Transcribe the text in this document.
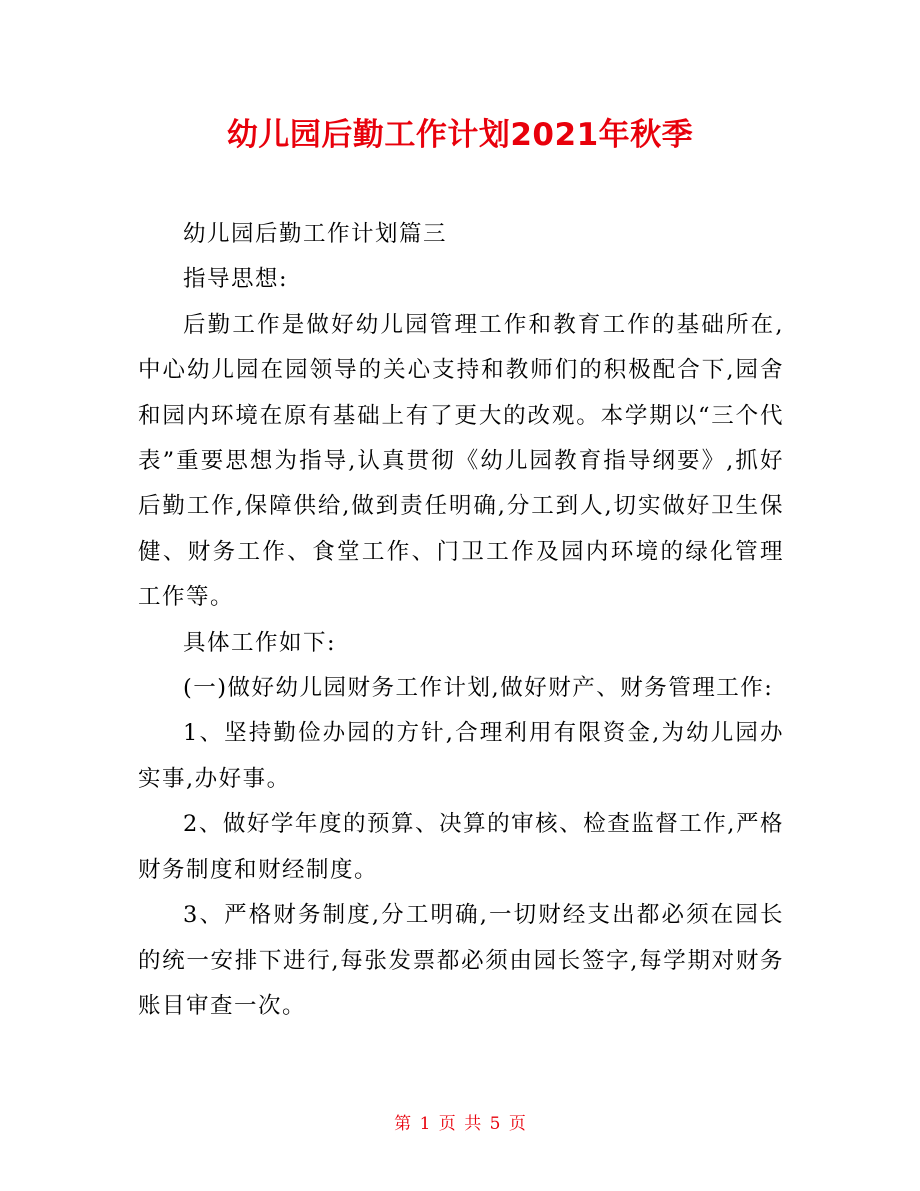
幼儿园后勤工作计划2021年秋季

幼儿园后勤工作计划篇三

指导思想:

后勤工作是做好幼儿园管理工作和教育工作的基础所在,中心幼儿园在园领导的关心支持和教师们的积极配合下,园舍和园内环境在原有基础上有了更大的改观。本学期以“三个代表”重要思想为指导,认真贯彻《幼儿园教育指导纲要》,抓好后勤工作,保障供给,做到责任明确,分工到人,切实做好卫生保健、财务工作、食堂工作、门卫工作及园内环境的绿化管理工作等。

具体工作如下:

(一)做好幼儿园财务工作计划,做好财产、财务管理工作:

1、坚持勤俭办园的方针,合理利用有限资金,为幼儿园办实事,办好事。

2、做好学年度的预算、决算的审核、检查监督工作,严格财务制度和财经制度。

3、严格财务制度,分工明确,一切财经支出都必须在园长的统一安排下进行,每张发票都必须由园长签字,每学期对财务账目审查一次。

第 1 页 共 5 页
